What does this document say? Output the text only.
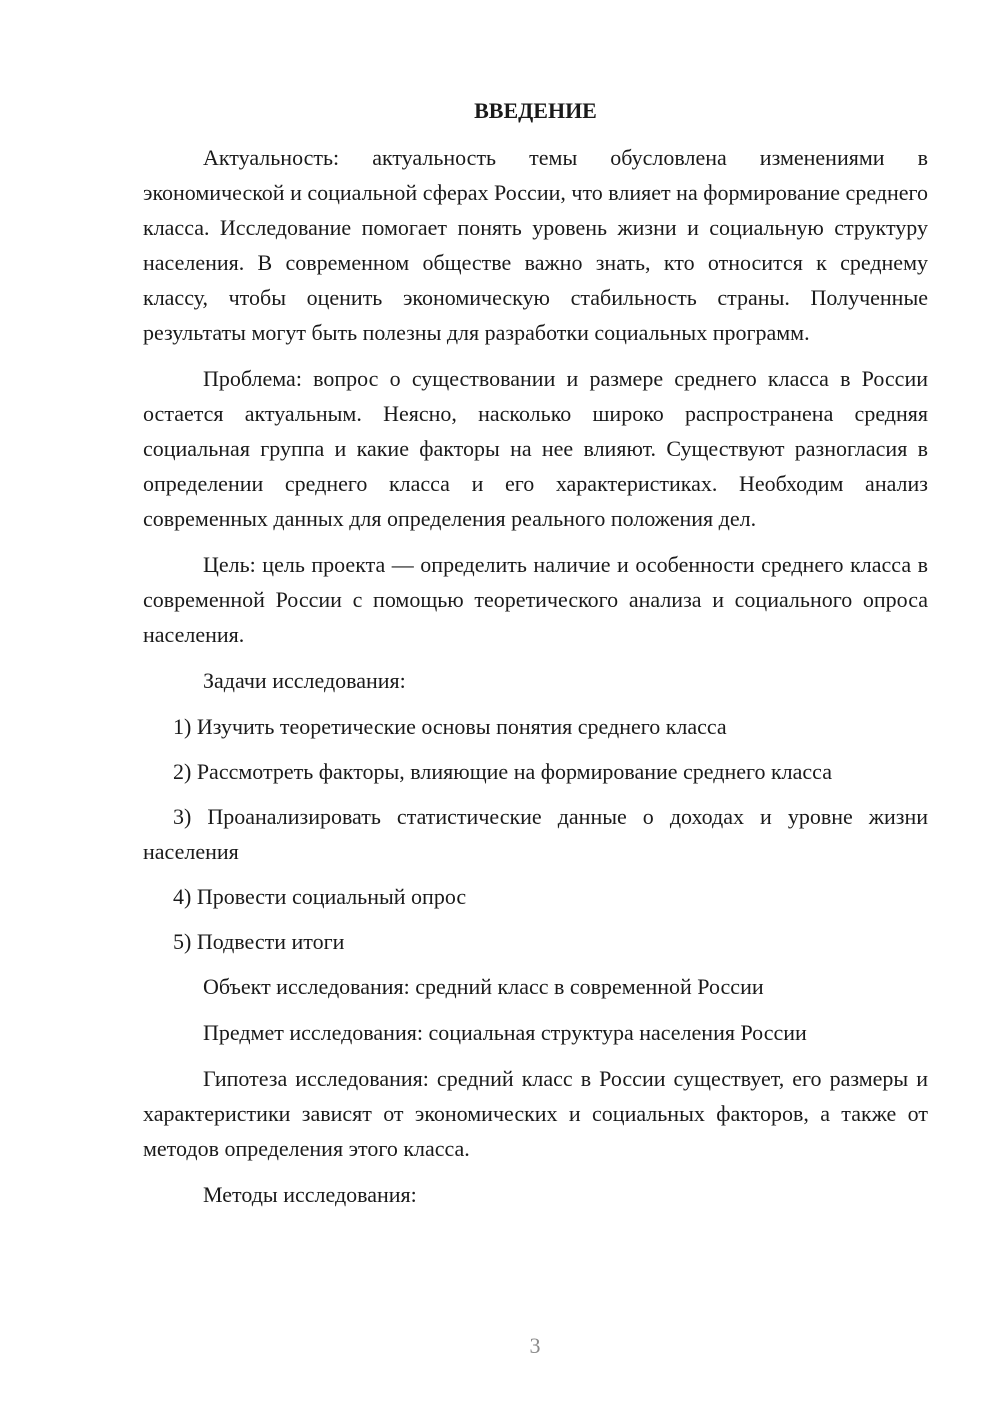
ВВЕДЕНИЕ

Актуальность: актуальность темы обусловлена изменениями в экономической и социальной сферах России, что влияет на формирование среднего класса. Исследование помогает понять уровень жизни и социальную структуру населения. В современном обществе важно знать, кто относится к среднему классу, чтобы оценить экономическую стабильность страны. Полученные результаты могут быть полезны для разработки социальных программ.

Проблема: вопрос о существовании и размере среднего класса в России остается актуальным. Неясно, насколько широко распространена средняя социальная группа и какие факторы на нее влияют. Существуют разногласия в определении среднего класса и его характеристиках. Необходим анализ современных данных для определения реального положения дел.

Цель: цель проекта — определить наличие и особенности среднего класса в современной России с помощью теоретического анализа и социального опроса населения.

Задачи исследования:

1) Изучить теоретические основы понятия среднего класса

2) Рассмотреть факторы, влияющие на формирование среднего класса

3) Проанализировать статистические данные о доходах и уровне жизни населения

4) Провести социальный опрос

5) Подвести итоги

Объект исследования: средний класс в современной России

Предмет исследования: социальная структура населения России

Гипотеза исследования: средний класс в России существует, его размеры и характеристики зависят от экономических и социальных факторов, а также от методов определения этого класса.

Методы исследования:

3
